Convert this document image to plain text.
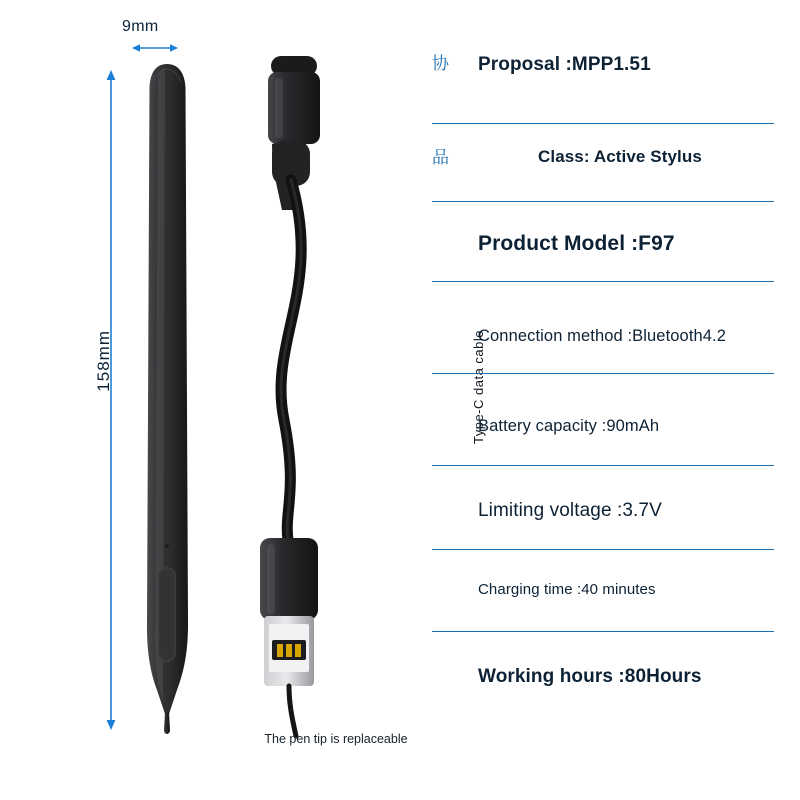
9mm
158mm	Type-C data cable
The pen tip is replaceable
协	Proposal :MPP1.51
品	Class: Active Stylus
Product Model :F97
Connection method :Bluetooth4.2
Battery capacity :90mAh
Limiting voltage :3.7V
Charging time :40 minutes
Working hours :80Hours
